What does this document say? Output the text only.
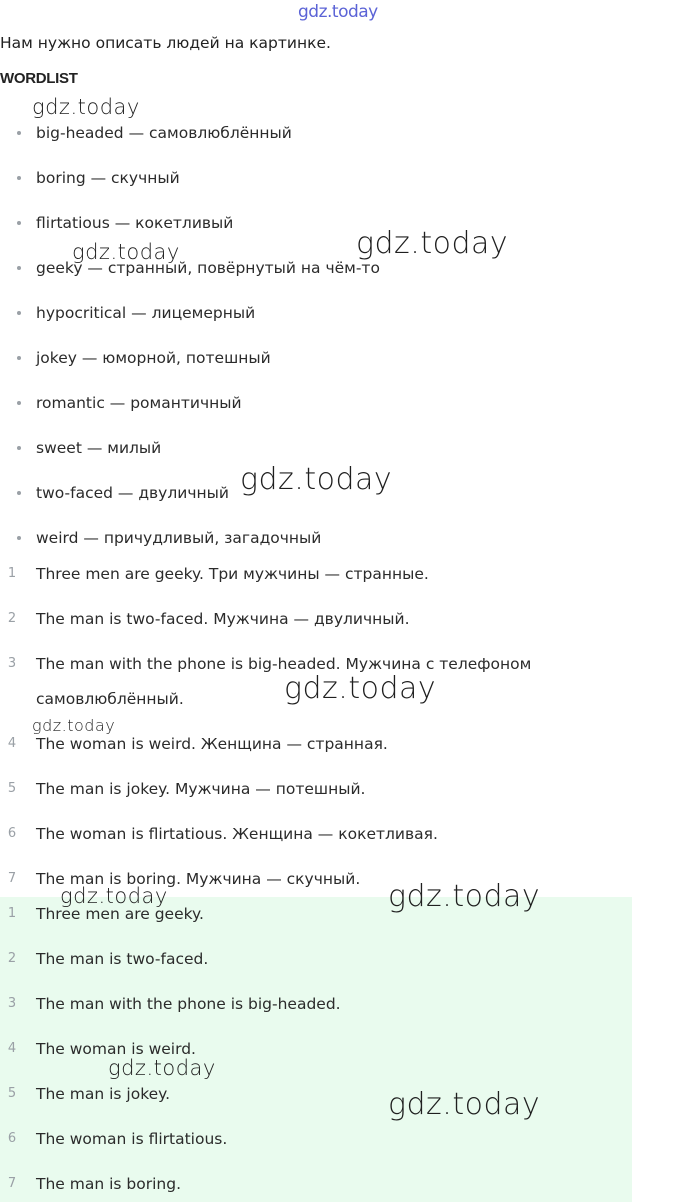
gdz.today
Нам нужно описать людей на картинке.
WORDLIST
big-headed — самовлюблённый
boring — скучный
flirtatious — кокетливый
geeky — странный, повёрнутый на чём-то
hypocritical — лицемерный
jokey — юморной, потешный
romantic — романтичный
sweet — милый
two-faced — двуличный
weird — причудливый, загадочный
1	Three men are geeky. Три мужчины — странные.
2	The man is two-faced. Мужчина — двуличный.
3	The man with the phone is big-headed. Мужчина с телефоном
самовлюблённый.
4	The woman is weird. Женщина — странная.
5	The man is jokey. Мужчина — потешный.
6	The woman is flirtatious. Женщина — кокетливая.
7	The man is boring. Мужчина — скучный.
1	Three men are geeky.
2	The man is two-faced.
3	The man with the phone is big-headed.
4	The woman is weird.
5	The man is jokey.
6	The woman is flirtatious.
7	The man is boring.
gdz.today
gdz.today
gdz.today
gdz.today
gdz.today
gdz.today
gdz.today
gdz.today
gdz.today
gdz.today
